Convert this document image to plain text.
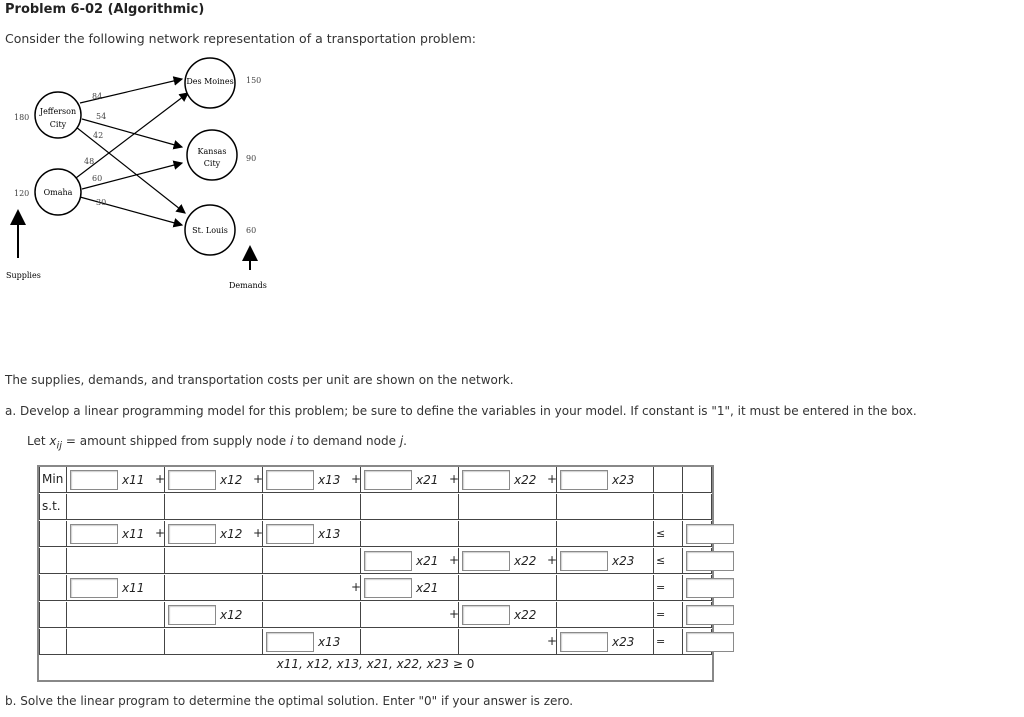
Problem 6-02 (Algorithmic)
Consider the following network representation of a transportation problem:
Jefferson
City
Omaha
Des Moines
Kansas
City
St. Louis
180
120
150
90
60
84
54
42
48
60
30
Supplies
Demands
The supplies, demands, and transportation costs per unit are shown on the network.
a. Develop a linear programming model for this problem; be sure to define the variables in your model. If constant is "1", it must be entered in the box.
Let $x_{ij}$ = amount shipped from supply node i to demand node j.
Min	x11 +	x12 +	x13 +	x21 +	x22 +	x23
s.t.
x11 +	x12 +	x13	≤
x21 +	x22 +	x23 ≤
x11	+	x21	=
x12	+	x22	=
x13	+	x23 =
x11, x12, x13, x21, x22, x23 ≥ 0
b. Solve the linear program to determine the optimal solution. Enter "0" if your answer is zero.
